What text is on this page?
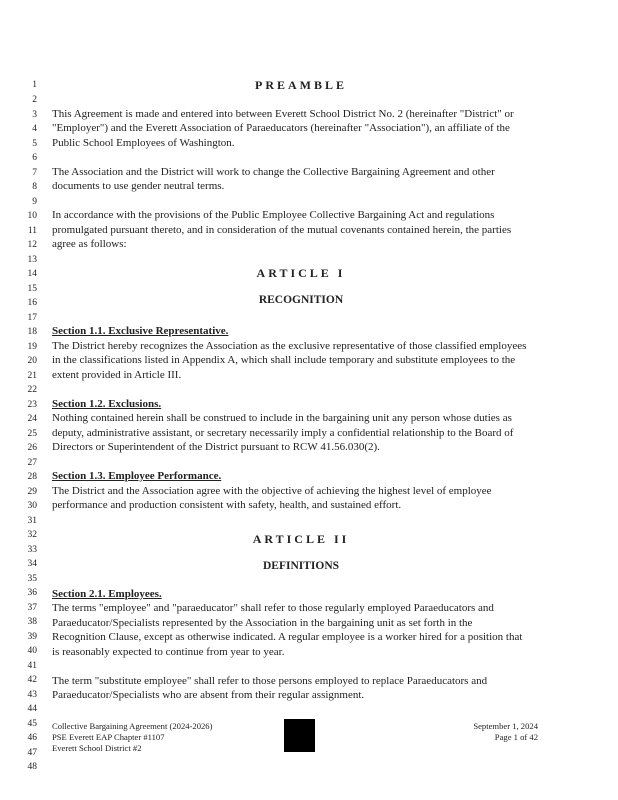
1
2
3
4
5
6
7
8
9
10
11
12
13
14
15
16
17
18
19
20
21
22
23
24
25
26
27
28
29
30
31
32
33
34
35
36
37
38
39
40
41
42
43
44
45
46
47
48
PREAMBLE
This Agreement is made and entered into between Everett School District No. 2 (hereinafter "District" or
"Employer") and the Everett Association of Paraeducators (hereinafter "Association"), an affiliate of the
Public School Employees of Washington.
The Association and the District will work to change the Collective Bargaining Agreement and other
documents to use gender neutral terms.
In accordance with the provisions of the Public Employee Collective Bargaining Act and regulations
promulgated pursuant thereto, and in consideration of the mutual covenants contained herein, the parties
agree as follows:
ARTICLE I
RECOGNITION
Section 1.1. Exclusive Representative.
The District hereby recognizes the Association as the exclusive representative of those classified employees
in the classifications listed in Appendix A, which shall include temporary and substitute employees to the
extent provided in Article III.
Section 1.2. Exclusions.
Nothing contained herein shall be construed to include in the bargaining unit any person whose duties as
deputy, administrative assistant, or secretary necessarily imply a confidential relationship to the Board of
Directors or Superintendent of the District pursuant to RCW 41.56.030(2).
Section 1.3. Employee Performance.
The District and the Association agree with the objective of achieving the highest level of employee
performance and production consistent with safety, health, and sustained effort.
ARTICLE II
DEFINITIONS
Section 2.1. Employees.
The terms "employee" and "paraeducator" shall refer to those regularly employed Paraeducators and
Paraeducator/Specialists represented by the Association in the bargaining unit as set forth in the
Recognition Clause, except as otherwise indicated. A regular employee is a worker hired for a position that
is reasonably expected to continue from year to year.
The term "substitute employee" shall refer to those persons employed to replace Paraeducators and
Paraeducator/Specialists who are absent from their regular assignment.
Collective Bargaining Agreement (2024-2026)
PSE Everett EAP Chapter #1107
Everett School District #2
September 1, 2024
Page 1 of 42
